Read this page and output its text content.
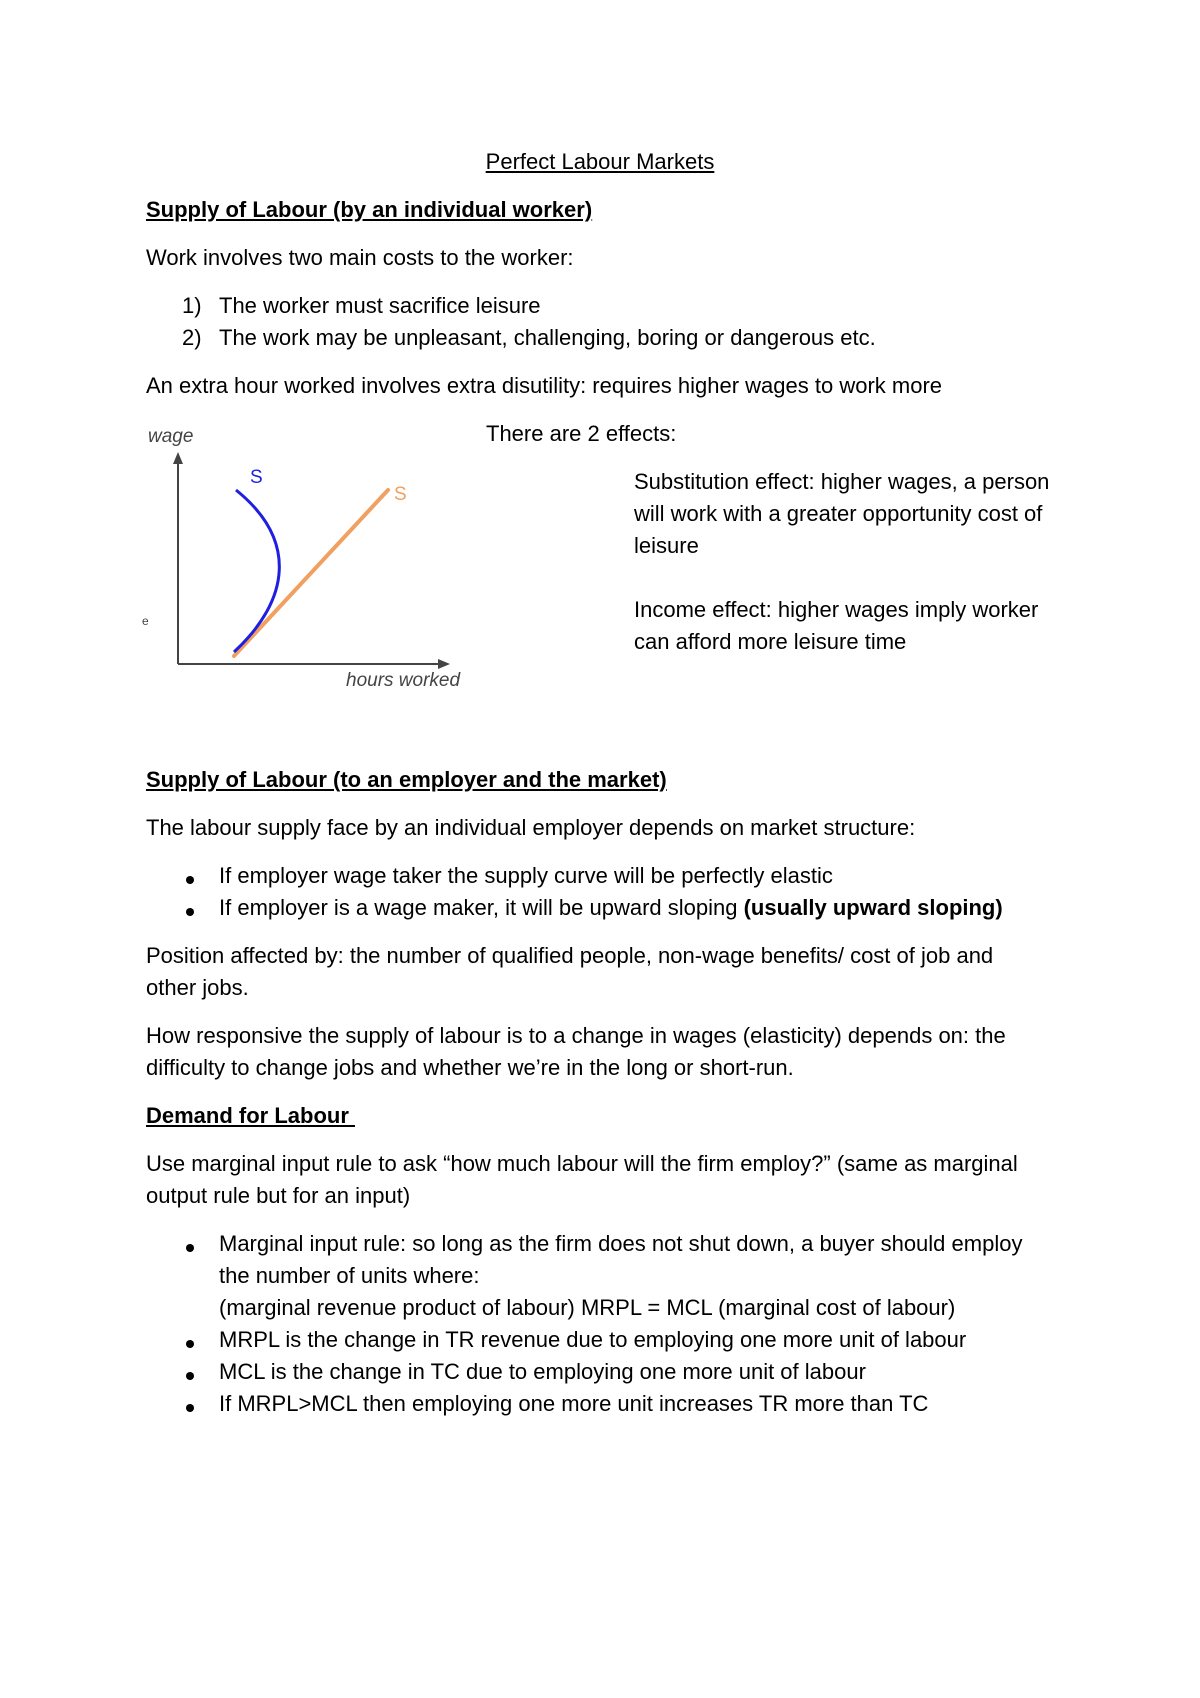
Perfect Labour Markets
Supply of Labour (by an individual worker)
Work involves two main costs to the worker:
1) The worker must sacrifice leisure
2) The work may be unpleasant, challenging, boring or dangerous etc.
An extra hour worked involves extra disutility: requires higher wages to work more
wage
hours worked
S
S
e
There are 2 effects:
Substitution effect: higher wages, a person
will work with a greater opportunity cost of
leisure
Income effect: higher wages imply worker
can afford more leisure time
Supply of Labour (to an employer and the market)
The labour supply face by an individual employer depends on market structure:
If employer wage taker the supply curve will be perfectly elastic
If employer is a wage maker, it will be upward sloping (usually upward sloping)
Position affected by: the number of qualified people, non-wage benefits/ cost of job and
other jobs.
How responsive the supply of labour is to a change in wages (elasticity) depends on: the
difficulty to change jobs and whether we’re in the long or short-run.
Demand for Labour
Use marginal input rule to ask “how much labour will the firm employ?” (same as marginal
output rule but for an input)
Marginal input rule: so long as the firm does not shut down, a buyer should employ
the number of units where:
(marginal revenue product of labour) MRPL = MCL (marginal cost of labour)
MRPL is the change in TR revenue due to employing one more unit of labour
MCL is the change in TC due to employing one more unit of labour
If MRPL>MCL then employing one more unit increases TR more than TC
